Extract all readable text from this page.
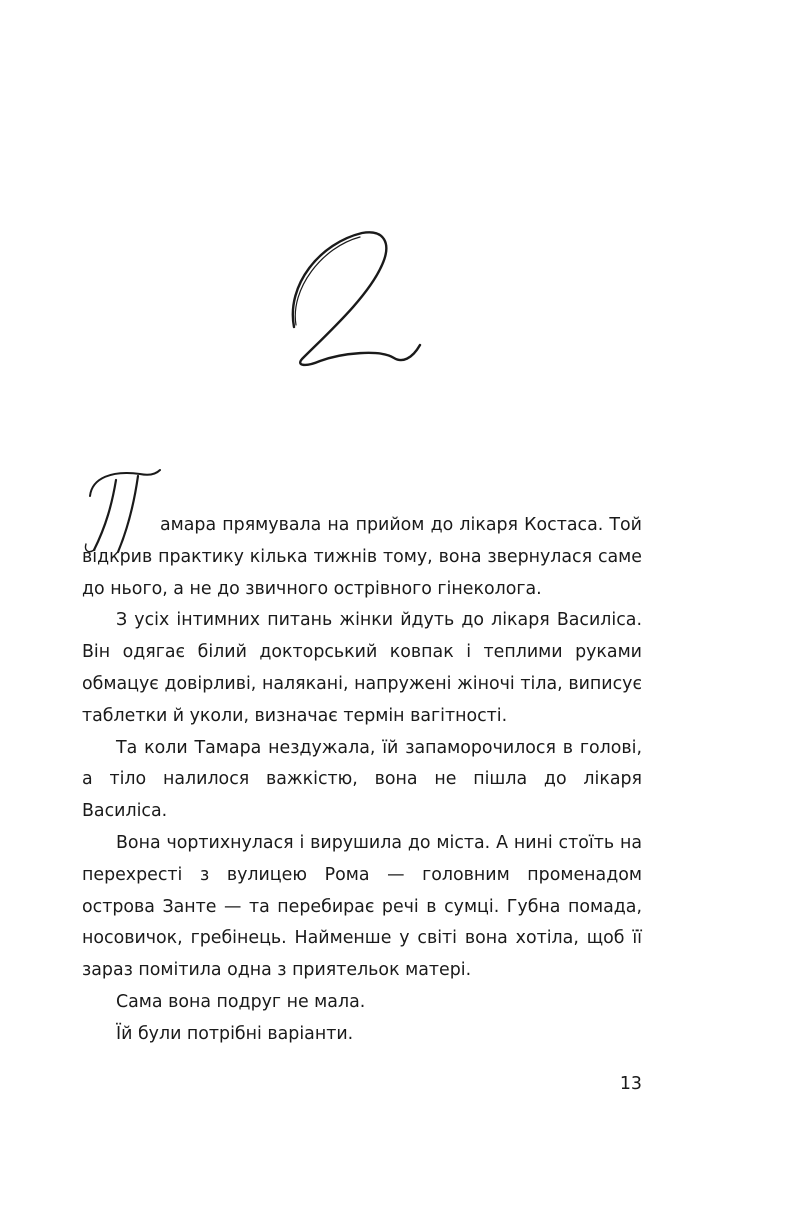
амара прямувала на прийом до лікаря Костаса. Той відкрив практику кілька тижнів тому, вона звернулася саме до нього, а не до звичного острівного гінеколога.

З усіх інтимних питань жінки йдуть до лікаря Василіса. Він одягає білий докторський ковпак і теплими руками обмацує довірливі, налякані, напружені жіночі тіла, виписує таблетки й уколи, визначає термін вагітності.

Та коли Тамара нездужала, їй запаморочилося в голові, а тіло налилося важкістю, вона не пішла до лікаря Василіса.

Вона чортихнулася і вирушила до міста. А нині стоїть на перехресті з вулицею Рома — головним променадом острова Занте — та перебирає речі в сумці. Губна помада, носовичок, гребінець. Найменше у світі вона хотіла, щоб її зараз помітила одна з приятельок матері.

Сама вона подруг не мала.

Їй були потрібні варіанти.

13
